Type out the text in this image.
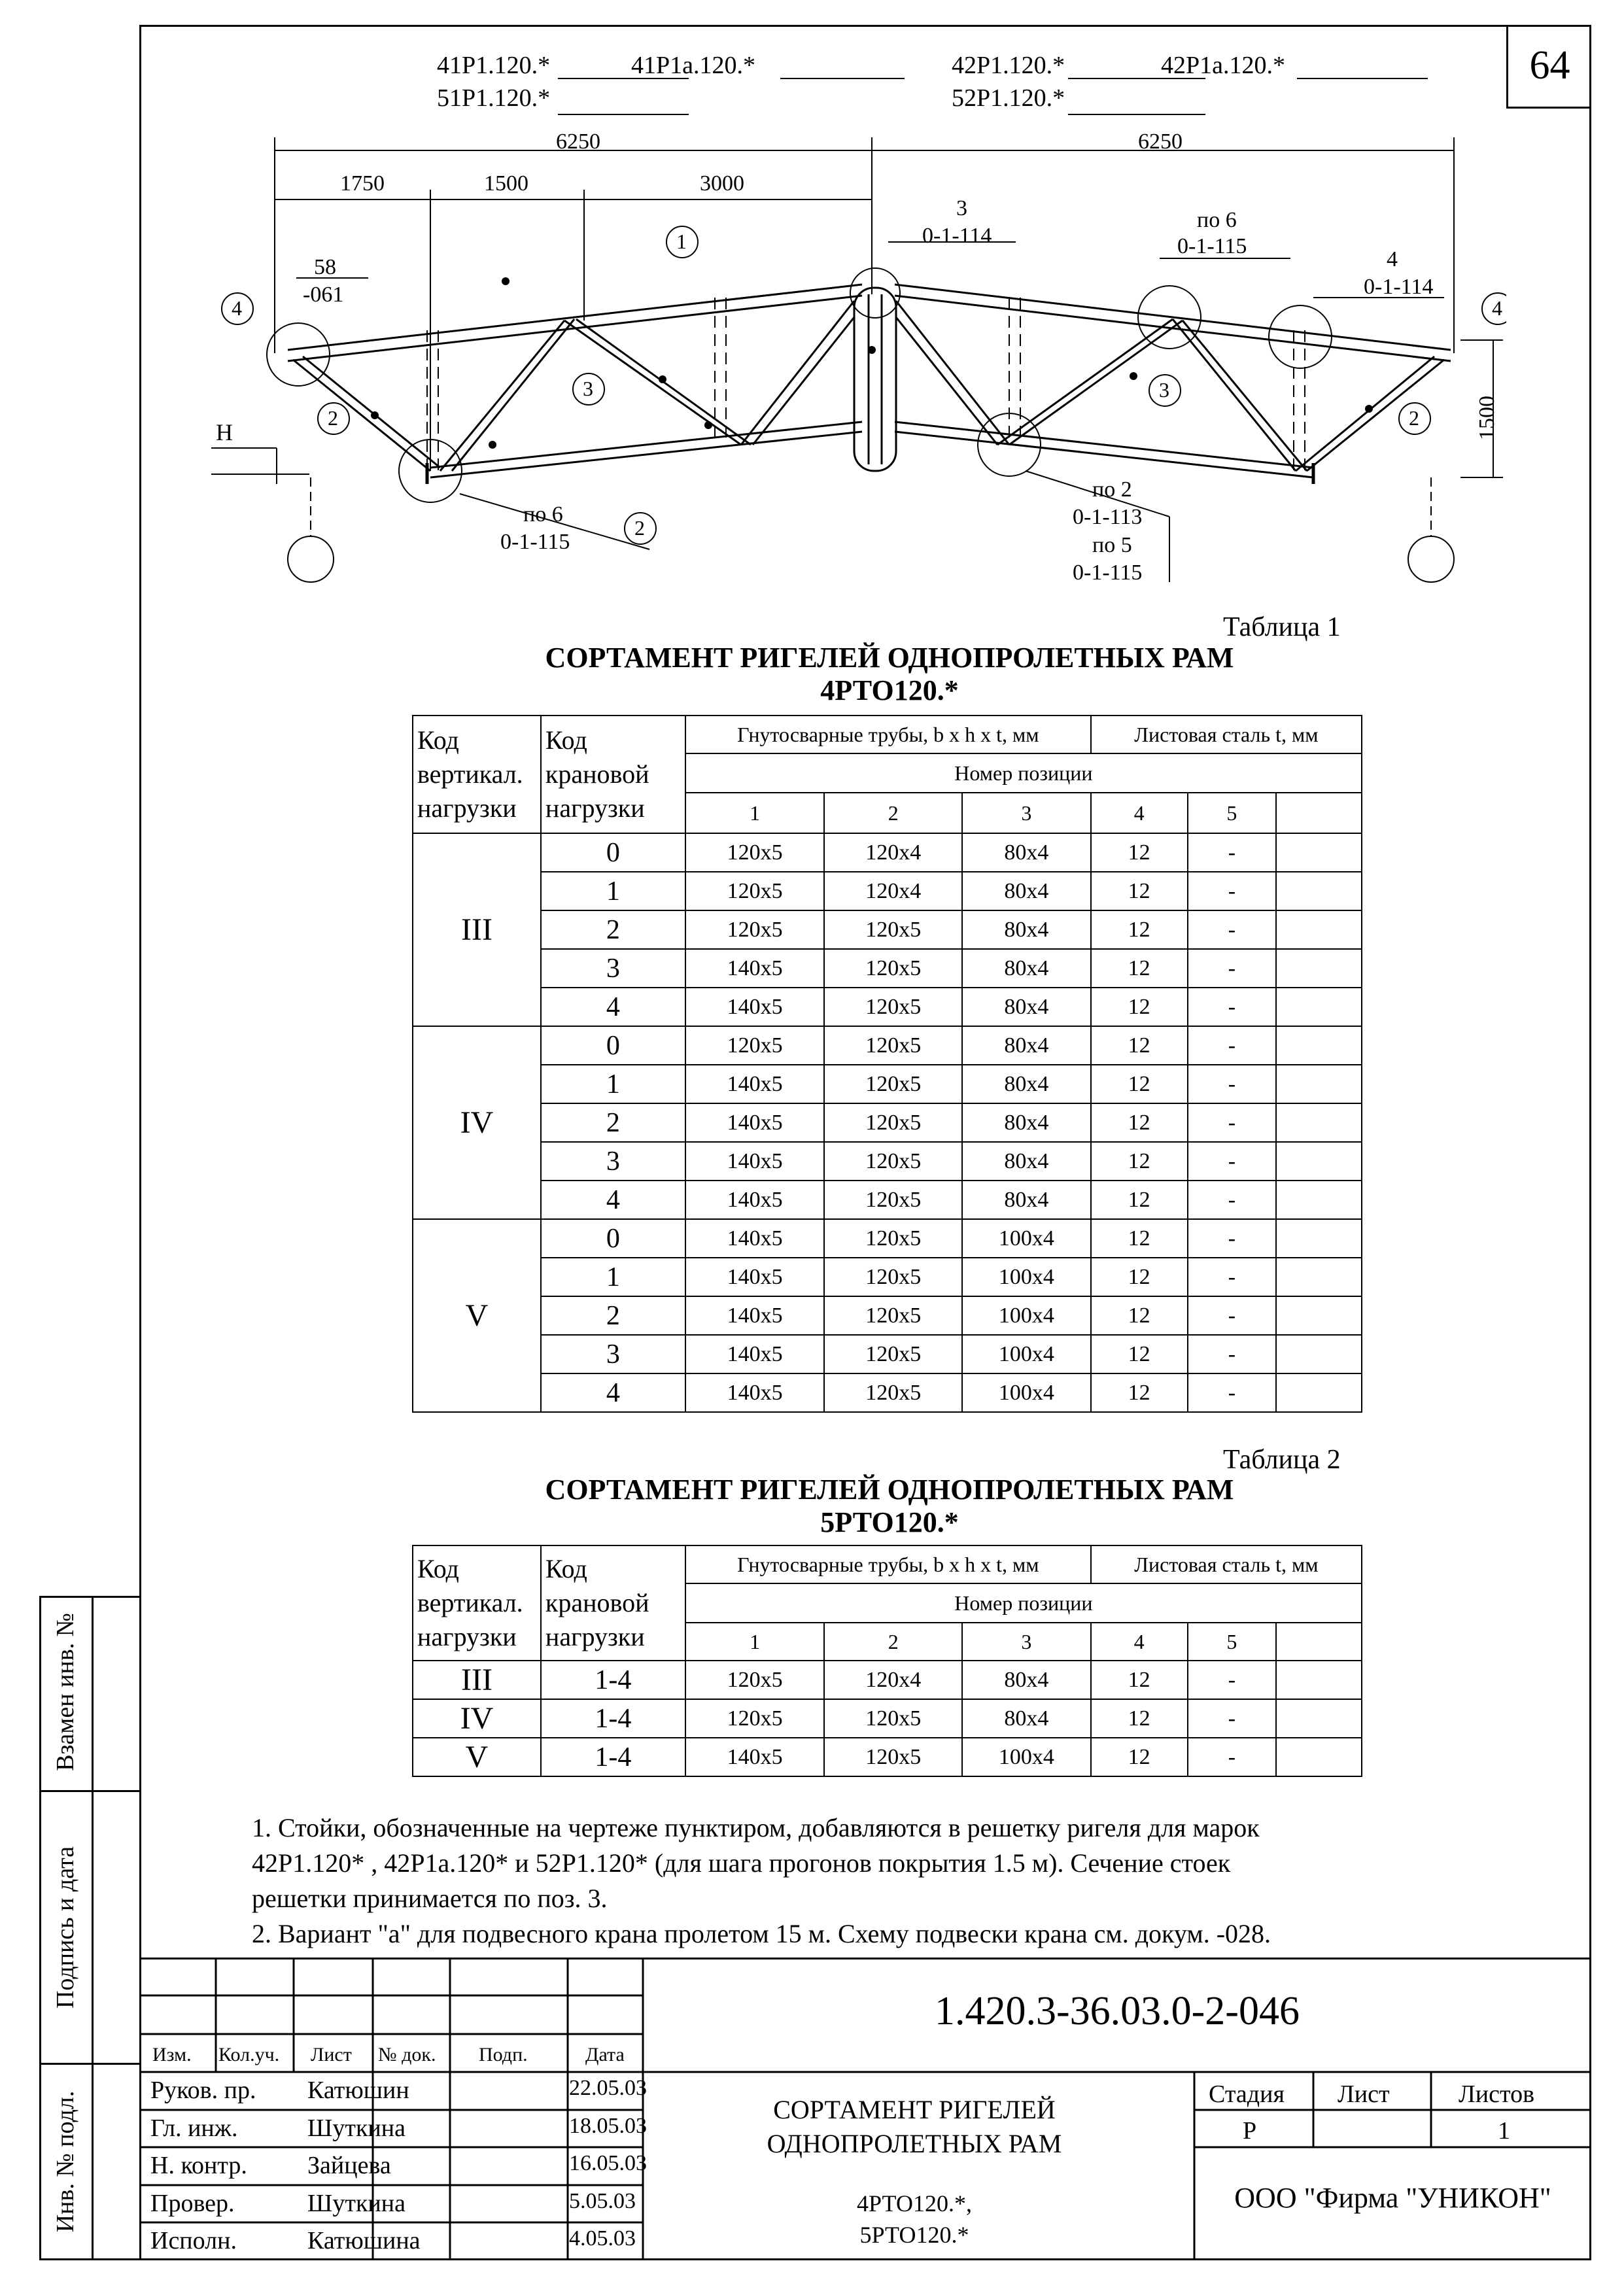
64
Взамен инв. №
Подпись и дата
Инв. № подл.
41Р1.120.*
51Р1.120.*
41Р1а.120.*	42Р1.120.*
52Р1.120.*
42Р1а.120.*
6250	6250
1750	1500	3000
1500
58
-061
3
0-1-114
по 6
0-1-115
4
0-1-114
по 6
0-1-115
по 2
0-1-113
по 5
0-1-115
H
4
1
2
3	3
2
4
2
Таблица 1
СОРТАМЕНТ РИГЕЛЕЙ ОДНОПРОЛЕТНЫХ РАМ
4РТО120.*
Код
вертикал.
нагрузки	Код
крановой
нагрузки	Гнутосварные трубы, b x h x t, мм			Листовая сталь t, мм		
		Номер позиции					
		1	2	3	4	5	
III	0	120x5	120x4	80x4	12	-	
	1	120x5	120x4	80x4	12	-	
	2	120x5	120x5	80x4	12	-	
	3	140x5	120x5	80x4	12	-	
	4	140x5	120x5	80x4	12	-	
IV	0	120x5	120x5	80x4	12	-	
	1	140x5	120x5	80x4	12	-	
	2	140x5	120x5	80x4	12	-	
	3	140x5	120x5	80x4	12	-	
	4	140x5	120x5	80x4	12	-	
V	0	140x5	120x5	100x4	12	-	
	1	140x5	120x5	100x4	12	-	
	2	140x5	120x5	100x4	12	-	
	3	140x5	120x5	100x4	12	-	
	4	140x5	120x5	100x4	12	-	
Таблица 2
СОРТАМЕНТ РИГЕЛЕЙ ОДНОПРОЛЕТНЫХ РАМ
5РТО120.*
Код
вертикал.
нагрузки	Код
крановой
нагрузки	Гнутосварные трубы, b x h x t, мм			Листовая сталь t, мм		
		Номер позиции					
		1	2	3	4	5	
III	1-4	120x5	120x4	80x4	12	-	
IV	1-4	120x5	120x5	80x4	12	-	
V	1-4	140x5	120x5	100x4	12	-	
1. Стойки, обозначенные на чертеже пунктиром, добавляются в решетку ригеля для марок
42Р1.120* , 42Р1а.120* и 52Р1.120* (для шага прогонов покрытия 1.5 м). Сечение стоек
решетки принимается по поз. 3.
2. Вариант "а" для подвесного крана пролетом 15 м. Схему подвески крана см. докум. -028.
1.420.3-36.03.0-2-046
Изм. Кол.уч. Лист № док. Подп.	Дата
Руков. пр. Катюшин	22.05.03
Гл. инж.	Шуткина	18.05.03
Н. контр. Зайцева	16.05.03
Провер.	Шуткина	5.05.03
Исполн.	Катюшина	4.05.03
СОРТАМЕНТ РИГЕЛЕЙ
ОДНОПРОЛЕТНЫХ РАМ
4РТО120.*,
5РТО120.*
Стадия Лист	Листов
Р	1
ООО "Фирма "УНИКОН"
